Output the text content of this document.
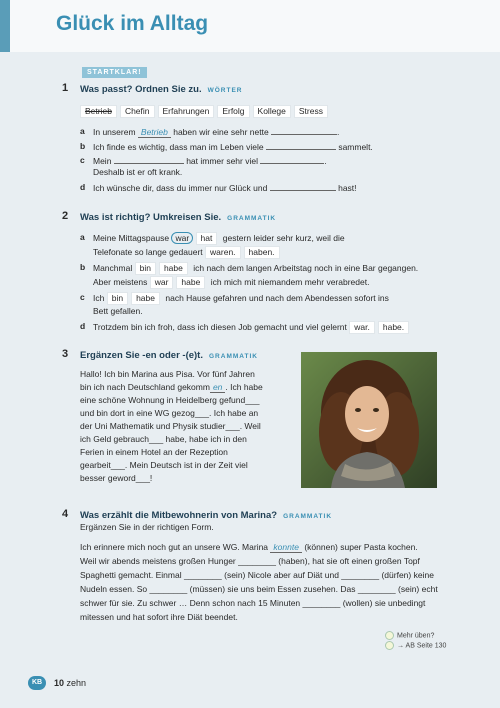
Glück im Alltag
STARTKLAR!
1 Was passt? Ordnen Sie zu. WÖRTER
Betrieb Chefin Erfahrungen Erfolg Kollege Stress
a In unserem Betrieb haben wir eine sehr nette	.
b Ich finde es wichtig, dass man im Leben viele	sammelt.
c Mein	hat immer sehr viel	.
Deshalb ist er oft krank.
d Ich wünsche dir, dass du immer nur Glück und	hast!
2 Was ist richtig? Umkreisen Sie. GRAMMATIK
a Meine Mittagspause war hat gestern leider sehr kurz, weil die
Telefonate so lange gedauert waren. haben.
b Manchmal bin habe ich nach dem langen Arbeitstag noch in eine Bar gegangen.
Aber meistens war habe ich mich mit niemandem mehr verabredet.
c Ich bin habe nach Hause gefahren und nach dem Abendessen sofort ins
Bett gefallen.
d Trotzdem bin ich froh, dass ich diesen Job gemacht und viel gelernt war. habe.
3 Ergänzen Sie -en oder -(e)t. GRAMMATIK
Hallo! Ich bin Marina aus Pisa. Vor fünf Jahren
bin ich nach Deutschland gekomm en . Ich habe
eine schöne Wohnung in Heidelberg gefund___
und bin dort in eine WG gezog___. Ich habe an
der Uni Mathematik und Physik studier___. Weil
ich Geld gebrauch___ habe, habe ich in den
Ferien in einem Hotel an der Rezeption
gearbeit___. Mein Deutsch ist in der Zeit viel
besser geword___!
4 Was erzählt die Mitbewohnerin von Marina? GRAMMATIK
Ergänzen Sie in der richtigen Form.
Ich erinnere mich noch gut an unsere WG. Marina konnte (können) super Pasta kochen.
Weil wir abends meistens großen Hunger ________ (haben), hat sie oft einen großen Topf
Spaghetti gemacht. Einmal ________ (sein) Nicole aber auf Diät und ________ (dürfen) keine
Nudeln essen. So ________ (müssen) sie uns beim Essen zusehen. Das ________ (sein) echt
schwer für sie. Zu schwer … Denn schon nach 15 Minuten ________ (wollen) sie unbedingt
mitessen und hat sofort ihre Diät beendet.
Mehr üben?
→ AB Seite 130
KB	10 zehn
